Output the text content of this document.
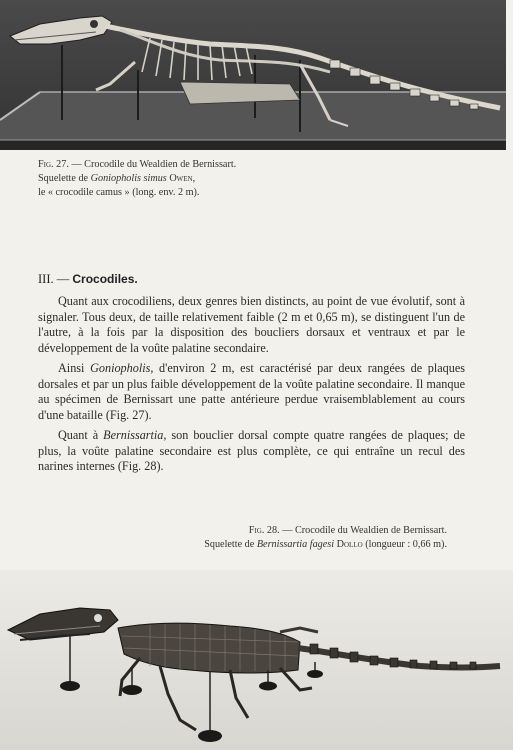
Fig. 27. — Crocodile du Wealdien de Bernissart.
Squelette de Goniopholis simus Owen,
le « crocodile camus » (long. env. 2 m).
III. — Crocodiles.

Quant aux crocodiliens, deux genres bien distincts, au point de vue évolutif, sont à signaler. Tous deux, de taille relativement faible (2 m et 0,65 m), se distinguent l'un de l'autre, à la fois par la disposition des boucliers dorsaux et ventraux et par le développement de la voûte palatine secondaire.

Ainsi Goniopholis, d'environ 2 m, est caractérisé par deux rangées de plaques dorsales et par un plus faible développement de la voûte palatine secondaire. Il manque au spécimen de Bernissart une patte antérieure perdue vraisemblablement au cours d'une bataille (Fig. 27).

Quant à Bernissartia, son bouclier dorsal compte quatre rangées de plaques; de plus, la voûte palatine secondaire est plus complète, ce qui entraîne un recul des narines internes (Fig. 28).

Fig. 28. — Crocodile du Wealdien de Bernissart.
Squelette de Bernissartia fagesi Dollo (longueur : 0,66 m).
